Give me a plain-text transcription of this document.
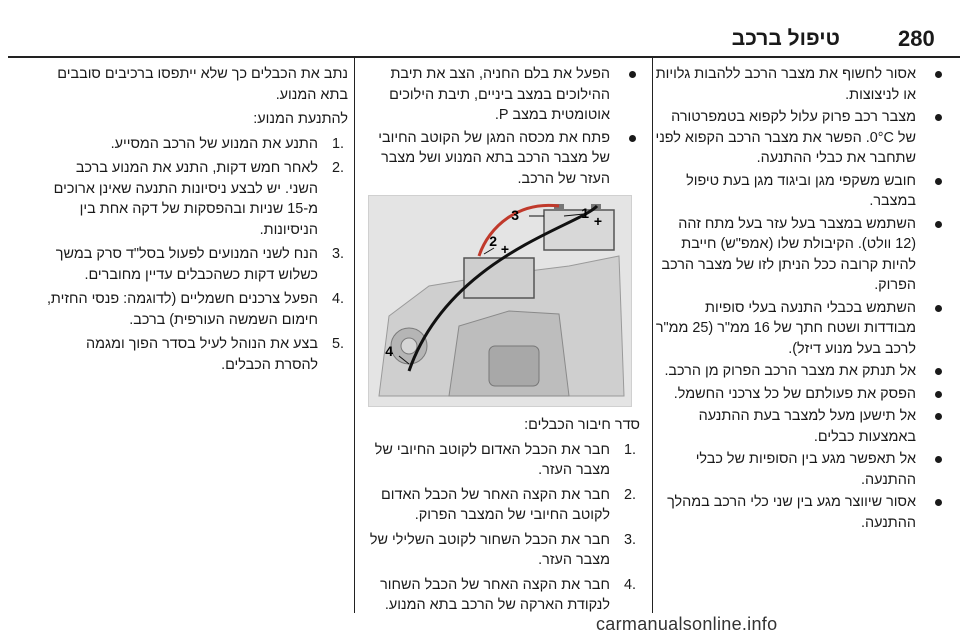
280
טיפול ברכב
אסור לחשוף את מצבר הרכב ללהבות גלויות או לניצוצות.
מצבר רכב פרוק עלול לקפוא בטמפרטורה של 0°C. הפשר את מצבר הרכב הקפוא לפני שתחבר את כבלי ההתנעה.
חובש משקפי מגן וביגוד מגן בעת טיפול במצבר.
השתמש במצבר בעל עזר בעל מתח זהה (12 וולט). הקיבולת שלו (אמפ"ש) חייבת להיות קרובה ככל הניתן לזו של מצבר הרכב הפרוק.
השתמש בכבלי התנעה בעלי סופיות מבודדות ושטח חתך של 16 ממ"ר (25 ממ"ר לרכב בעל מנוע דיזל).
אל תנתק את מצבר הרכב הפרוק מן הרכב.
הפסק את פעולתם של כל צרכני החשמל.
אל תישען מעל למצבר בעת ההתנעה באמצעות כבלים.
אל תאפשר מגע בין הסופיות של כבלי ההתנעה.
אסור שיווצר מגע בין שני כלי הרכב במהלך ההתנעה.
הפעל את בלם החניה, הצב את תיבת ההילוכים במצב ביניים, תיבת הילוכים אוטומטית במצב P.
פתח את מכסה המגן של הקוטב החיובי של מצבר הרכב בתא המנוע ושל מצבר העזר של הרכב.
1
2
3
4
+
+
סדר חיבור הכבלים:
1.
חבר את הכבל האדום לקוטב החיובי של מצבר העזר.
2.
חבר את הקצה האחר של הכבל האדום לקוטב החיובי של המצבר הפרוק.
3.
חבר את הכבל השחור לקוטב השלילי של מצבר העזר.
4.
חבר את הקצה האחר של הכבל השחור לנקודת הארקה של הרכב בתא המנוע.
נתב את הכבלים כך שלא ייתפסו ברכיבים סובבים בתא המנוע.
להתנעת המנוע:
1.
התנע את המנוע של הרכב המסייע.
2.
לאחר חמש דקות, התנע את המנוע ברכב השני. יש לבצע ניסיונות התנעה שאינן ארוכים מ-15 שניות ובהפסקות של דקה אחת בין הניסיונות.
3.
הנח לשני המנועים לפעול בסל"ד סרק במשך כשלוש דקות כשהכבלים עדיין מחוברים.
4.
הפעל צרכנים חשמליים (לדוגמה: פנסי החזית, חימום השמשה העורפית) ברכב.
5.
בצע את הנוהל לעיל בסדר הפוך ומגמה להסרת הכבלים.
carmanualsonline.info
